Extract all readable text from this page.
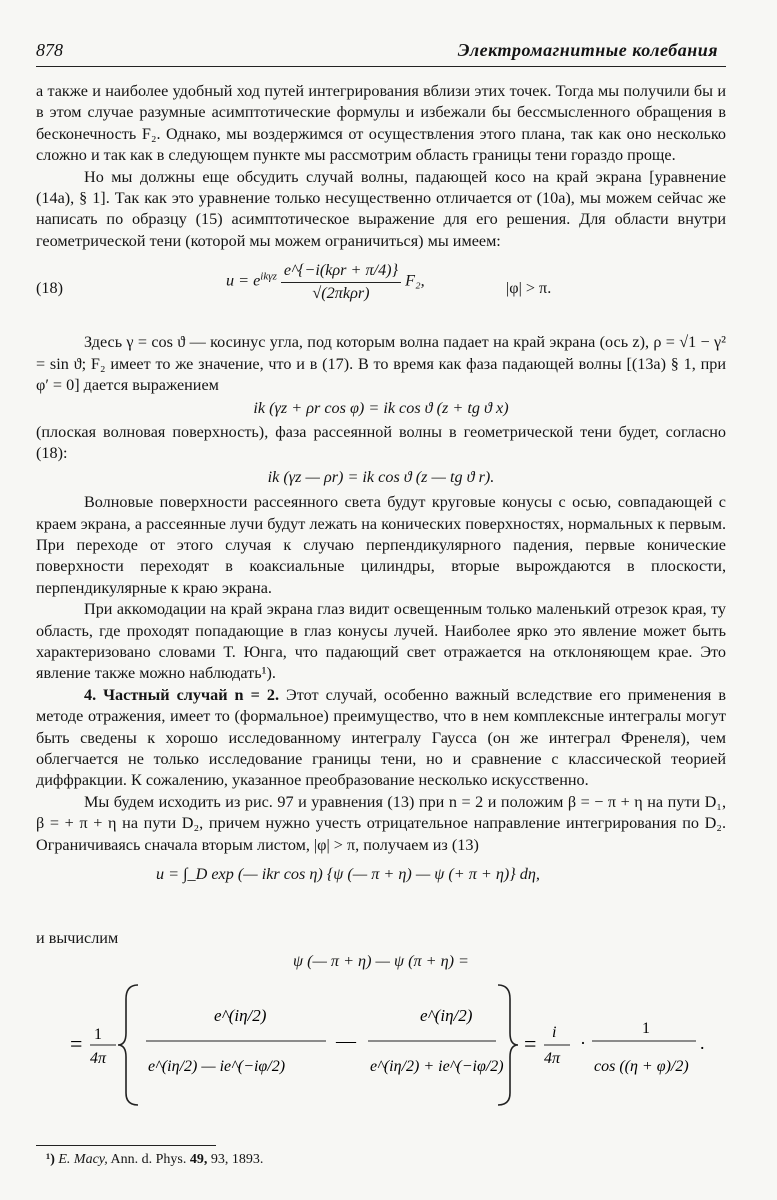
878	Электромагнитные колебания

а также и наиболее удобный ход путей интегрирования вблизи этих точек. Тогда мы получили бы и в этом случае разумные асимптотические формулы и избежали бы бессмысленного обращения в бесконечность F₂. Однако, мы воздержимся от осуществления этого плана, так как оно несколько сложно и так как в следующем пункте мы рассмотрим область границы тени гораздо проще.

Но мы должны еще обсудить случай волны, падающей косо на край экрана [уравнение (14а), § 1]. Так как это уравнение только несущественно отличается от (10а), мы можем сейчас же написать по образцу (15) асимптотическое выражение для его решения. Для области внутри геометрической тени (которой мы можем ограничиться) мы имеем:

(18)	$u = e^{ik\gamma z} \frac{\text{e\textasciicircum{}\{−i(kρr + π/4)\}}}{\text{√(2πkρr)}} F_2$,	|φ| > π.

Здесь γ = cos ϑ — косинус угла, под которым волна падает на край экрана (ось z), ρ = √1 − γ² = sin ϑ; F₂ имеет то же значение, что и в (17). В то время как фаза падающей волны [(13а) § 1, при φ′ = 0] дается выражением

ik (γz + ρr cos φ) = ik cos ϑ (z + tg ϑ x)

(плоская волновая поверхность), фаза рассеянной волны в геометрической тени будет, согласно (18):

ik (γz — ρr) = ik cos ϑ (z — tg ϑ r).

Волновые поверхности рассеянного света будут круговые конусы с осью, совпадающей с краем экрана, а рассеянные лучи будут лежать на конических поверхностях, нормальных к первым. При переходе от этого случая к случаю перпендикулярного падения, первые конические поверхности переходят в коаксиальные цилиндры, вторые вырождаются в плоскости, перпендикулярные к краю экрана.

При аккомодации на край экрана глаз видит освещенным только маленький отрезок края, ту область, где проходят попадающие в глаз конусы лучей. Наиболее ярко это явление может быть характеризовано словами Т. Юнга, что падающий свет отражается на отклоняющем крае. Это явление также можно наблюдать¹).

4. Частный случай n = 2. Этот случай, особенно важный вследствие его применения в методе отражения, имеет то (формальное) преимущество, что в нем комплексные интегралы могут быть сведены к хорошо исследованному интегралу Гаусса (он же интеграл Френеля), чем облегчается не только исследование границы тени, но и сравнение с классической теорией диффракции. К сожалению, указанное преобразование несколько искусственно.

Мы будем исходить из рис. 97 и уравнения (13) при n = 2 и положим β = − π + η на пути D₁, β = + π + η на пути D₂, причем нужно учесть отрицательное направление интегрирования по D₂. Ограничиваясь сначала вторым листом, |φ| > π, получаем из (13)

u = ∫_D exp (— ikr cos η) {ψ (— π + η) — ψ (+ π + η)} dη,

и вычислим

ψ (— π + η) — ψ (π + η) =
= 1
4π
e^(iη/2)
e^(iη/2) — ie^(−iφ/2)
—
e^(iη/2)
e^(iη/2) + ie^(−iφ/2)
= i
4π
·
1
cos ((η + φ)/2)
.
¹) E. Macy, Ann. d. Phys. 49, 93, 1893.
